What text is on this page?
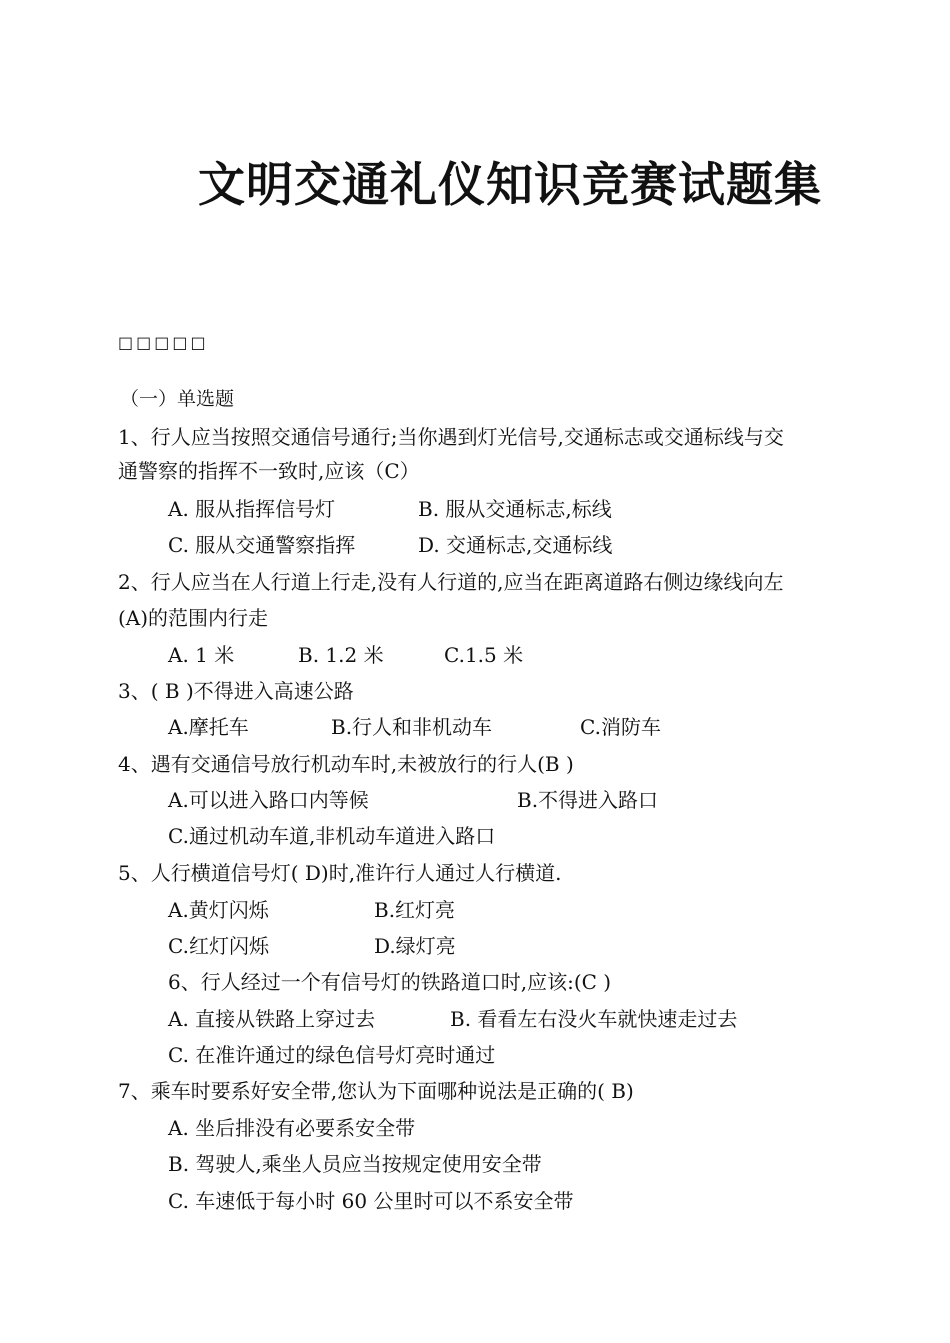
文明交通礼仪知识竞赛试题集
□□□□□
（一）单选题
1、行人应当按照交通信号通行;当你遇到灯光信号,交通标志或交通标线与交
通警察的指挥不一致时,应该（C）
A. 服从指挥信号灯	B. 服从交通标志,标线
C. 服从交通警察指挥	D. 交通标志,交通标线
2、行人应当在人行道上行走,没有人行道的,应当在距离道路右侧边缘线向左
(A)的范围内行走
A. 1 米	B. 1.2 米	C.1.5 米
3、( B )不得进入高速公路
A.摩托车	B.行人和非机动车	C.消防车
4、遇有交通信号放行机动车时,未被放行的行人(B )
A.可以进入路口内等候	B.不得进入路口
C.通过机动车道,非机动车道进入路口
5、人行横道信号灯( D)时,准许行人通过人行横道.
A.黄灯闪烁	B.红灯亮
C.红灯闪烁	D.绿灯亮
6、行人经过一个有信号灯的铁路道口时,应该:(C )
A. 直接从铁路上穿过去	B. 看看左右没火车就快速走过去
C. 在准许通过的绿色信号灯亮时通过
7、乘车时要系好安全带,您认为下面哪种说法是正确的( B)
A. 坐后排没有必要系安全带
B. 驾驶人,乘坐人员应当按规定使用安全带
C. 车速低于每小时 60 公里时可以不系安全带
